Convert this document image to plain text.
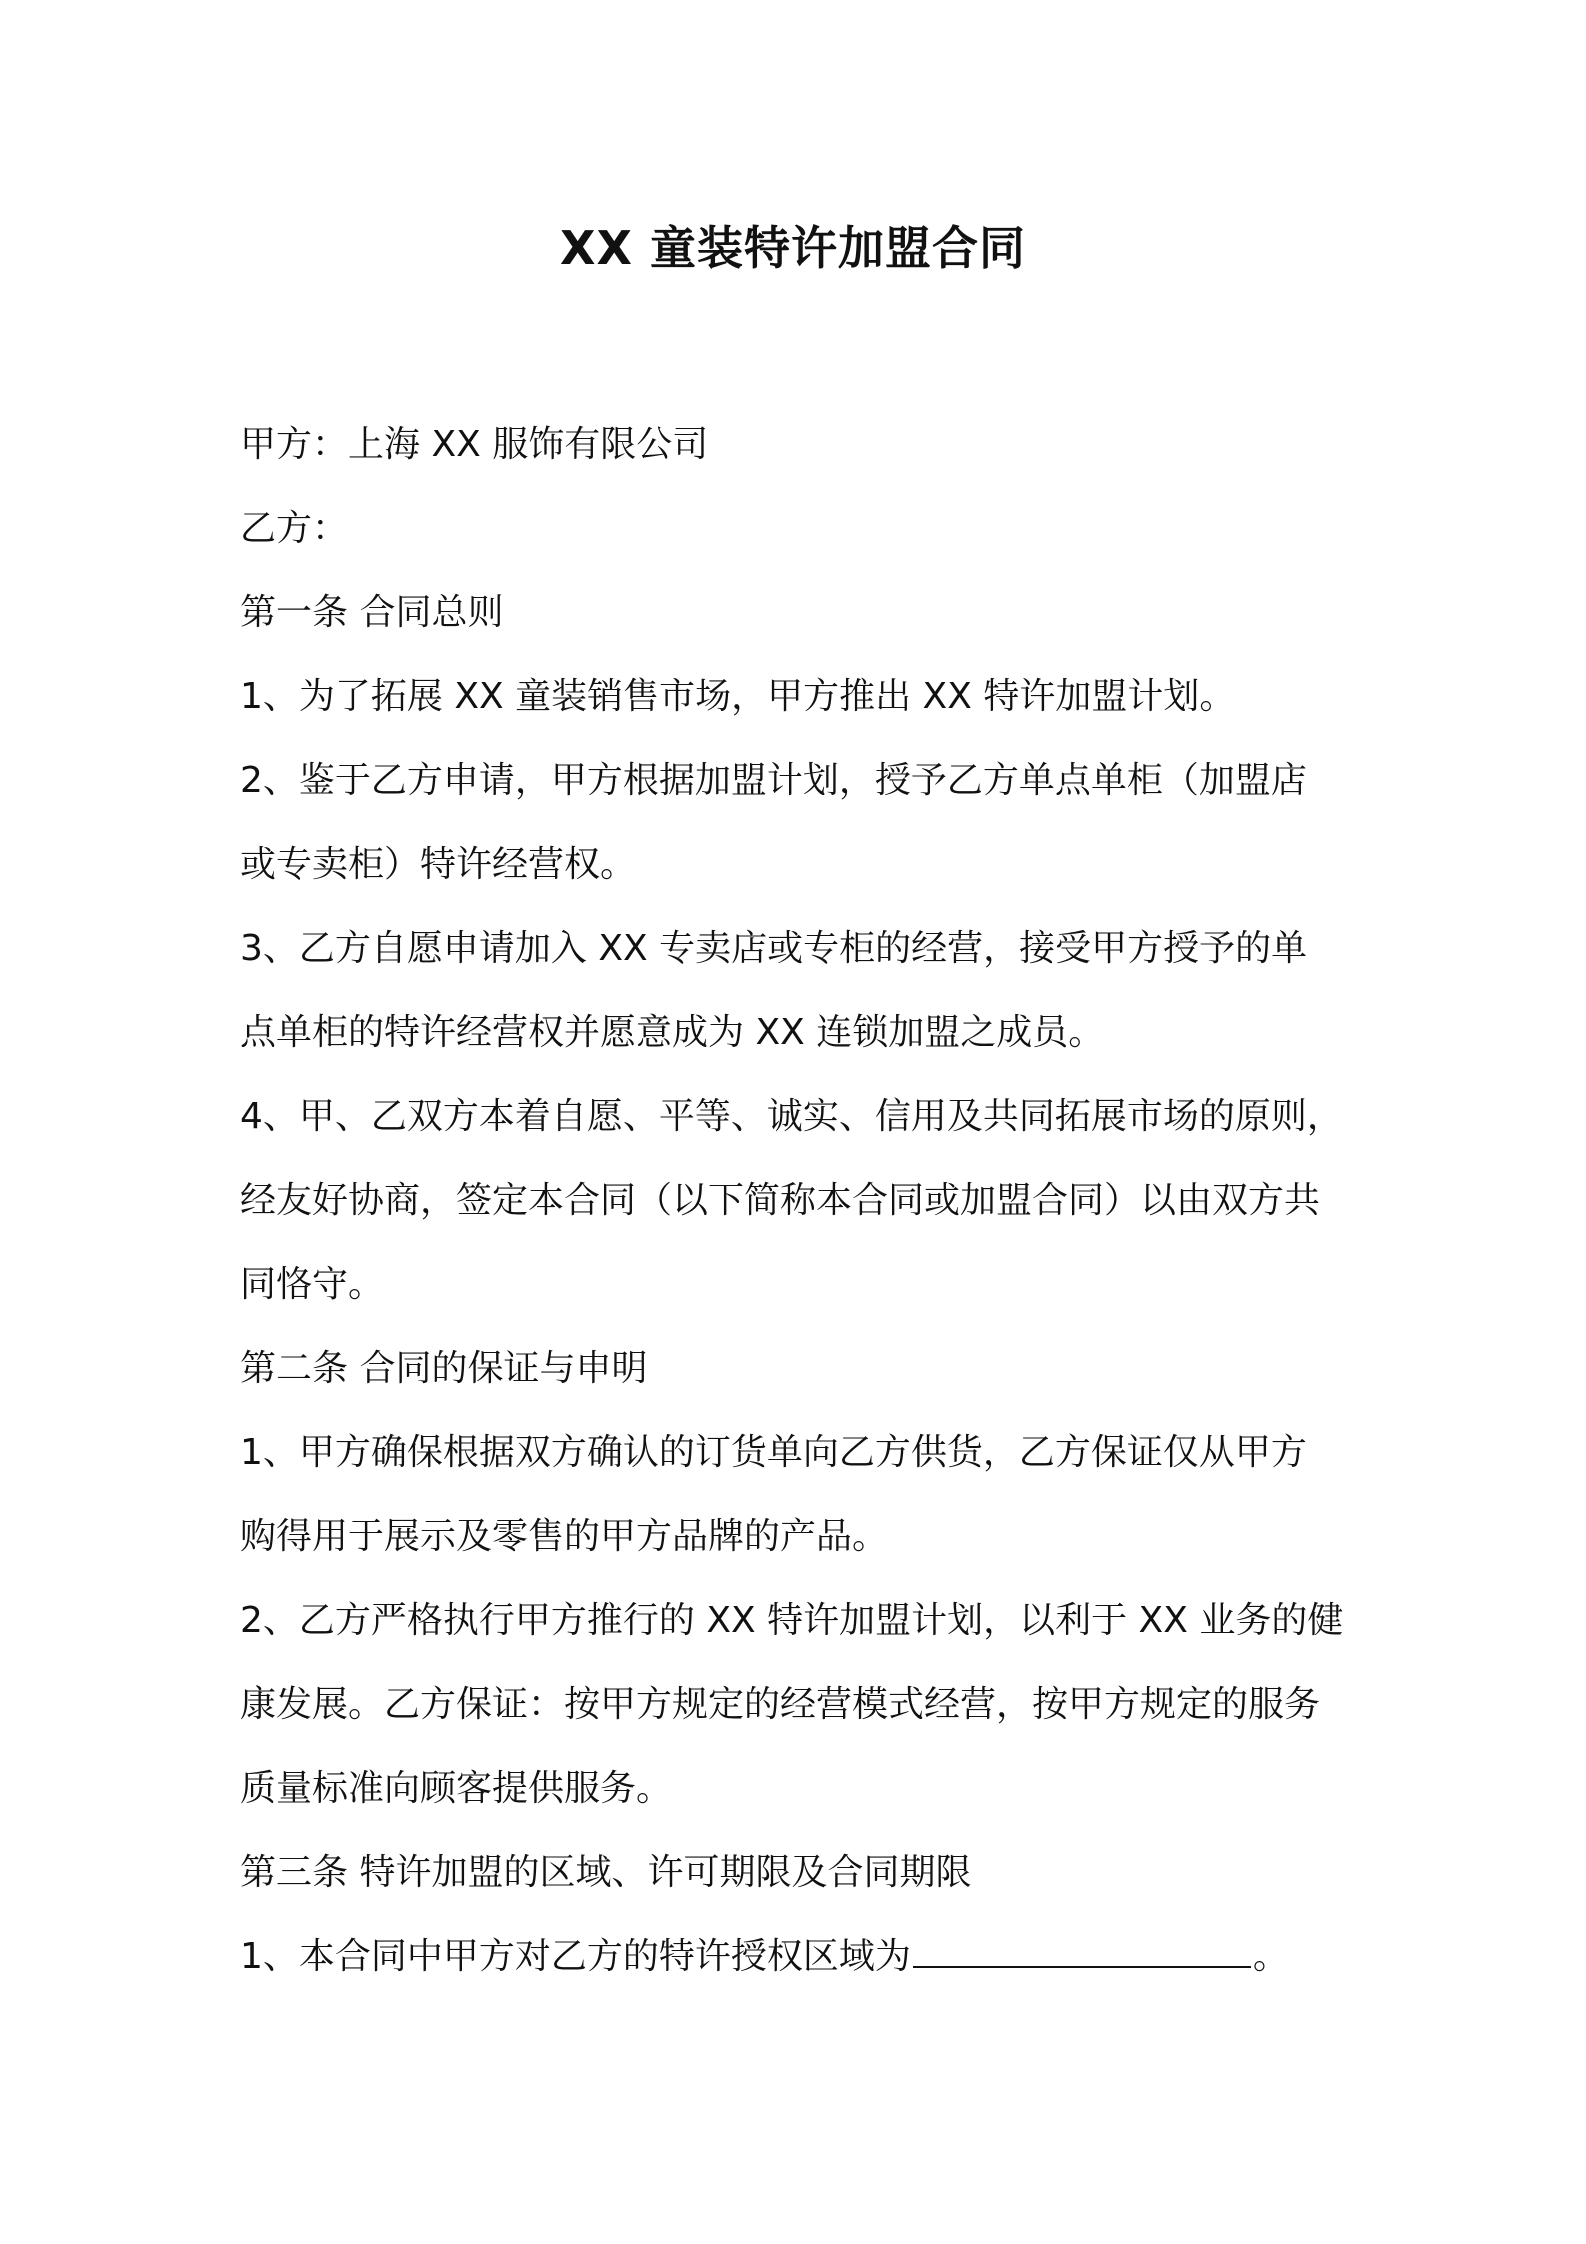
XX 童装特许加盟合同
甲方：上海 XX 服饰有限公司
乙方：
第一条 合同总则
1、为了拓展 XX 童装销售市场，甲方推出 XX 特许加盟计划。
2、鉴于乙方申请，甲方根据加盟计划，授予乙方单点单柜（加盟店
或专卖柜）特许经营权。
3、乙方自愿申请加入 XX 专卖店或专柜的经营，接受甲方授予的单
点单柜的特许经营权并愿意成为 XX 连锁加盟之成员。
4、甲、乙双方本着自愿、平等、诚实、信用及共同拓展市场的原则，
经友好协商，签定本合同（以下简称本合同或加盟合同）以由双方共
同恪守。
第二条 合同的保证与申明
1、甲方确保根据双方确认的订货单向乙方供货，乙方保证仅从甲方
购得用于展示及零售的甲方品牌的产品。
2、乙方严格执行甲方推行的 XX 特许加盟计划，以利于 XX 业务的健
康发展。乙方保证：按甲方规定的经营模式经营，按甲方规定的服务
质量标准向顾客提供服务。
第三条 特许加盟的区域、许可期限及合同期限
1、本合同中甲方对乙方的特许授权区域为	。
